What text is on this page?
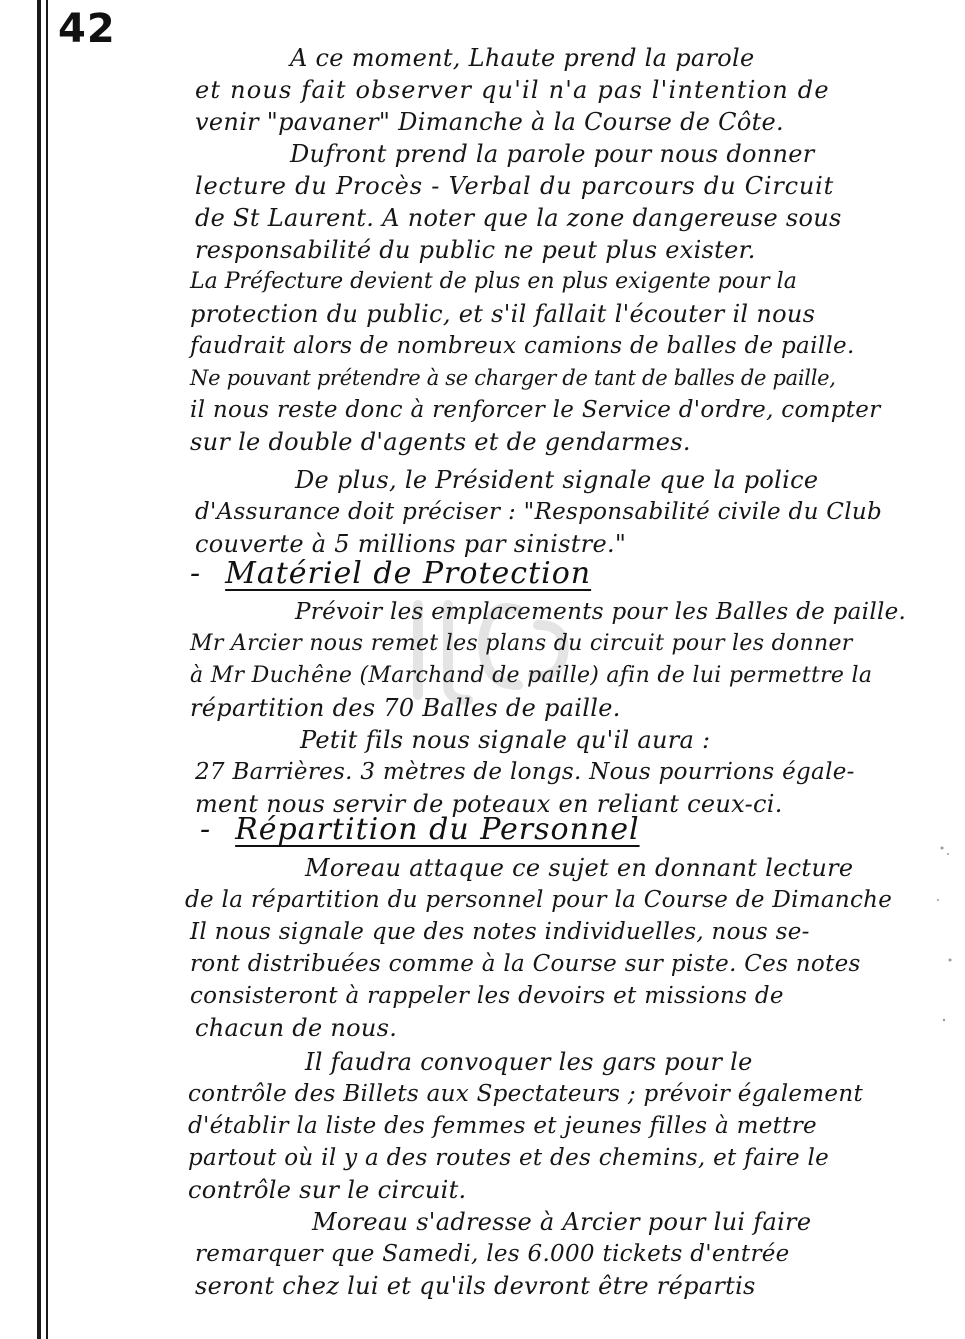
42
A ce moment, Lhaute prend la parole
et nous fait observer qu'il n'a pas l'intention de
venir "pavaner" Dimanche à la Course de Côte.
Dufront prend la parole pour nous donner
lecture du Procès - Verbal du parcours du Circuit
de St Laurent. A noter que la zone dangereuse sous
responsabilité du public ne peut plus exister.
La Préfecture devient de plus en plus exigente pour la
protection du public, et s'il fallait l'écouter il nous
faudrait alors de nombreux camions de balles de paille.
Ne pouvant prétendre à se charger de tant de balles de paille,
il nous reste donc à renforcer le Service d'ordre, compter
sur le double d'agents et de gendarmes.
De plus, le Président signale que la police
d'Assurance doit préciser : "Responsabilité civile du Club
couverte à 5 millions par sinistre."
- Matériel de Protection
Prévoir les emplacements pour les Balles de paille.
Mr Arcier nous remet les plans du circuit pour les donner
à Mr Duchêne (Marchand de paille) afin de lui permettre la
répartition des 70 Balles de paille.
Petit fils nous signale qu'il aura :
27 Barrières. 3 mètres de longs. Nous pourrions égale-
ment nous servir de poteaux en reliant ceux-ci.
- Répartition du Personnel
Moreau attaque ce sujet en donnant lecture
de la répartition du personnel pour la Course de Dimanche
Il nous signale que des notes individuelles, nous se-
ront distribuées comme à la Course sur piste. Ces notes
consisteront à rappeler les devoirs et missions de
chacun de nous.
Il faudra convoquer les gars pour le
contrôle des Billets aux Spectateurs ; prévoir également
d'établir la liste des femmes et jeunes filles à mettre
partout où il y a des routes et des chemins, et faire le
contrôle sur le circuit.
Moreau s'adresse à Arcier pour lui faire
remarquer que Samedi, les 6.000 tickets d'entrée
seront chez lui et qu'ils devront être répartis
